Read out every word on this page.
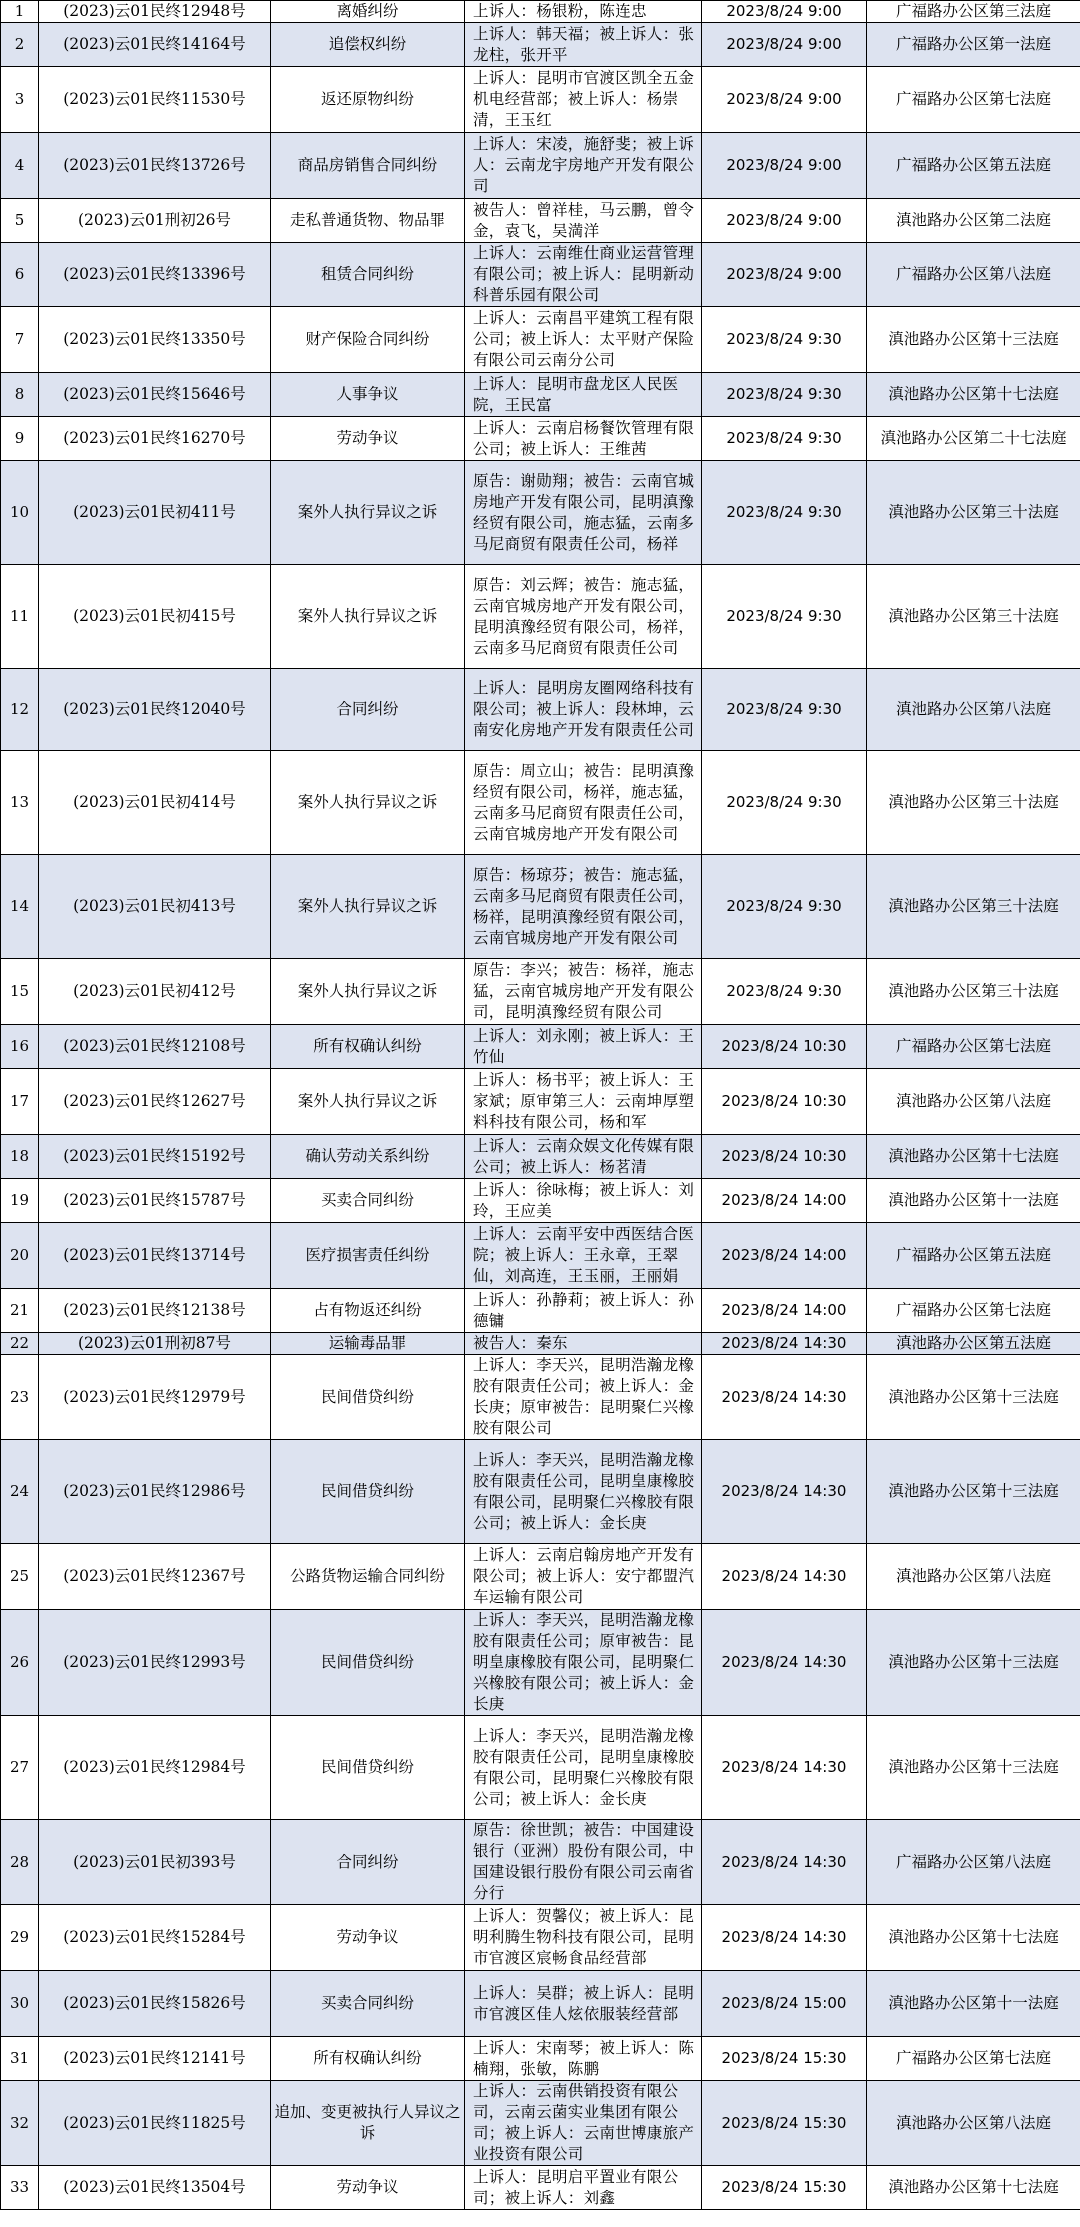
1	(2023)云01民终12948号	离婚纠纷	上诉人：杨银粉，陈连忠	2023/8/24 9:00	广福路办公区第三法庭
2	(2023)云01民终14164号	追偿权纠纷	上诉人：韩天福；被上诉人：张龙柱，张开平	2023/8/24 9:00	广福路办公区第一法庭
3	(2023)云01民终11530号	返还原物纠纷	上诉人：昆明市官渡区凯全五金机电经营部；被上诉人：杨崇清，王玉红	2023/8/24 9:00	广福路办公区第七法庭
4	(2023)云01民终13726号	商品房销售合同纠纷	上诉人：宋凌，施舒斐；被上诉人：云南龙宇房地产开发有限公司	2023/8/24 9:00	广福路办公区第五法庭
5	(2023)云01刑初26号	走私普通货物、物品罪	被告人：曾祥桂，马云鹏，曾令金，袁飞，吴満洋	2023/8/24 9:00	滇池路办公区第二法庭
6	(2023)云01民终13396号	租赁合同纠纷	上诉人：云南维仕商业运营管理有限公司；被上诉人：昆明新动科普乐园有限公司	2023/8/24 9:00	广福路办公区第八法庭
7	(2023)云01民终13350号	财产保险合同纠纷	上诉人：云南昌平建筑工程有限公司；被上诉人：太平财产保险有限公司云南分公司	2023/8/24 9:30	滇池路办公区第十三法庭
8	(2023)云01民终15646号	人事争议	上诉人：昆明市盘龙区人民医院，王民富	2023/8/24 9:30	滇池路办公区第十七法庭
9	(2023)云01民终16270号	劳动争议	上诉人：云南启杨餐饮管理有限公司；被上诉人：王维茜	2023/8/24 9:30	滇池路办公区第二十七法庭
10	(2023)云01民初411号	案外人执行异议之诉	原告：谢勋翔；被告：云南官城房地产开发有限公司，昆明滇豫经贸有限公司，施志猛，云南多马尼商贸有限责任公司，杨祥	2023/8/24 9:30	滇池路办公区第三十法庭
11	(2023)云01民初415号	案外人执行异议之诉	原告：刘云辉；被告：施志猛，云南官城房地产开发有限公司，昆明滇豫经贸有限公司，杨祥，云南多马尼商贸有限责任公司	2023/8/24 9:30	滇池路办公区第三十法庭
12	(2023)云01民终12040号	合同纠纷	上诉人：昆明房友圈网络科技有限公司；被上诉人：段林坤，云南安化房地产开发有限责任公司	2023/8/24 9:30	滇池路办公区第八法庭
13	(2023)云01民初414号	案外人执行异议之诉	原告：周立山；被告：昆明滇豫经贸有限公司，杨祥，施志猛，云南多马尼商贸有限责任公司，云南官城房地产开发有限公司	2023/8/24 9:30	滇池路办公区第三十法庭
14	(2023)云01民初413号	案外人执行异议之诉	原告：杨琼芬；被告：施志猛，云南多马尼商贸有限责任公司，杨祥，昆明滇豫经贸有限公司，云南官城房地产开发有限公司	2023/8/24 9:30	滇池路办公区第三十法庭
15	(2023)云01民初412号	案外人执行异议之诉	原告：李兴；被告：杨祥，施志猛，云南官城房地产开发有限公司，昆明滇豫经贸有限公司	2023/8/24 9:30	滇池路办公区第三十法庭
16	(2023)云01民终12108号	所有权确认纠纷	上诉人：刘永刚；被上诉人：王竹仙	2023/8/24 10:30	广福路办公区第七法庭
17	(2023)云01民终12627号	案外人执行异议之诉	上诉人：杨书平；被上诉人：王家斌；原审第三人：云南坤厚塑料科技有限公司，杨和军	2023/8/24 10:30	滇池路办公区第八法庭
18	(2023)云01民终15192号	确认劳动关系纠纷	上诉人：云南众娱文化传媒有限公司；被上诉人：杨茗清	2023/8/24 10:30	滇池路办公区第十七法庭
19	(2023)云01民终15787号	买卖合同纠纷	上诉人：徐咏梅；被上诉人：刘玲，王应美	2023/8/24 14:00	滇池路办公区第十一法庭
20	(2023)云01民终13714号	医疗损害责任纠纷	上诉人：云南平安中西医结合医院；被上诉人：王永章，王翠仙，刘高连，王玉丽，王丽娟	2023/8/24 14:00	广福路办公区第五法庭
21	(2023)云01民终12138号	占有物返还纠纷	上诉人：孙静莉；被上诉人：孙德镛	2023/8/24 14:00	广福路办公区第七法庭
22	(2023)云01刑初87号	运输毒品罪	被告人：秦东	2023/8/24 14:30	滇池路办公区第五法庭
23	(2023)云01民终12979号	民间借贷纠纷	上诉人：李天兴，昆明浩瀚龙橡胶有限责任公司；被上诉人：金长庚；原审被告：昆明聚仁兴橡胶有限公司	2023/8/24 14:30	滇池路办公区第十三法庭
24	(2023)云01民终12986号	民间借贷纠纷	上诉人：李天兴，昆明浩瀚龙橡胶有限责任公司，昆明皇康橡胶有限公司，昆明聚仁兴橡胶有限公司；被上诉人：金长庚	2023/8/24 14:30	滇池路办公区第十三法庭
25	(2023)云01民终12367号	公路货物运输合同纠纷	上诉人：云南启翰房地产开发有限公司；被上诉人：安宁都盟汽车运输有限公司	2023/8/24 14:30	滇池路办公区第八法庭
26	(2023)云01民终12993号	民间借贷纠纷	上诉人：李天兴，昆明浩瀚龙橡胶有限责任公司；原审被告：昆明皇康橡胶有限公司，昆明聚仁兴橡胶有限公司；被上诉人：金长庚	2023/8/24 14:30	滇池路办公区第十三法庭
27	(2023)云01民终12984号	民间借贷纠纷	上诉人：李天兴，昆明浩瀚龙橡胶有限责任公司，昆明皇康橡胶有限公司，昆明聚仁兴橡胶有限公司；被上诉人：金长庚	2023/8/24 14:30	滇池路办公区第十三法庭
28	(2023)云01民初393号	合同纠纷	原告：徐世凯；被告：中国建设银行（亚洲）股份有限公司，中国建设银行股份有限公司云南省分行	2023/8/24 14:30	广福路办公区第八法庭
29	(2023)云01民终15284号	劳动争议	上诉人：贺馨仪；被上诉人：昆明利腾生物科技有限公司，昆明市官渡区宸畅食品经营部	2023/8/24 14:30	滇池路办公区第十七法庭
30	(2023)云01民终15826号	买卖合同纠纷	上诉人：吴群；被上诉人：昆明市官渡区佳人炫依服装经营部	2023/8/24 15:00	滇池路办公区第十一法庭
31	(2023)云01民终12141号	所有权确认纠纷	上诉人：宋南琴；被上诉人：陈楠翔，张敏，陈鹏	2023/8/24 15:30	广福路办公区第七法庭
32	(2023)云01民终11825号	追加、变更被执行人异议之诉	上诉人：云南供销投资有限公司，云南云菌实业集团有限公司；被上诉人：云南世博康旅产业投资有限公司	2023/8/24 15:30	滇池路办公区第八法庭
33	(2023)云01民终13504号	劳动争议	上诉人：昆明启平置业有限公司；被上诉人：刘鑫	2023/8/24 15:30	滇池路办公区第十七法庭
